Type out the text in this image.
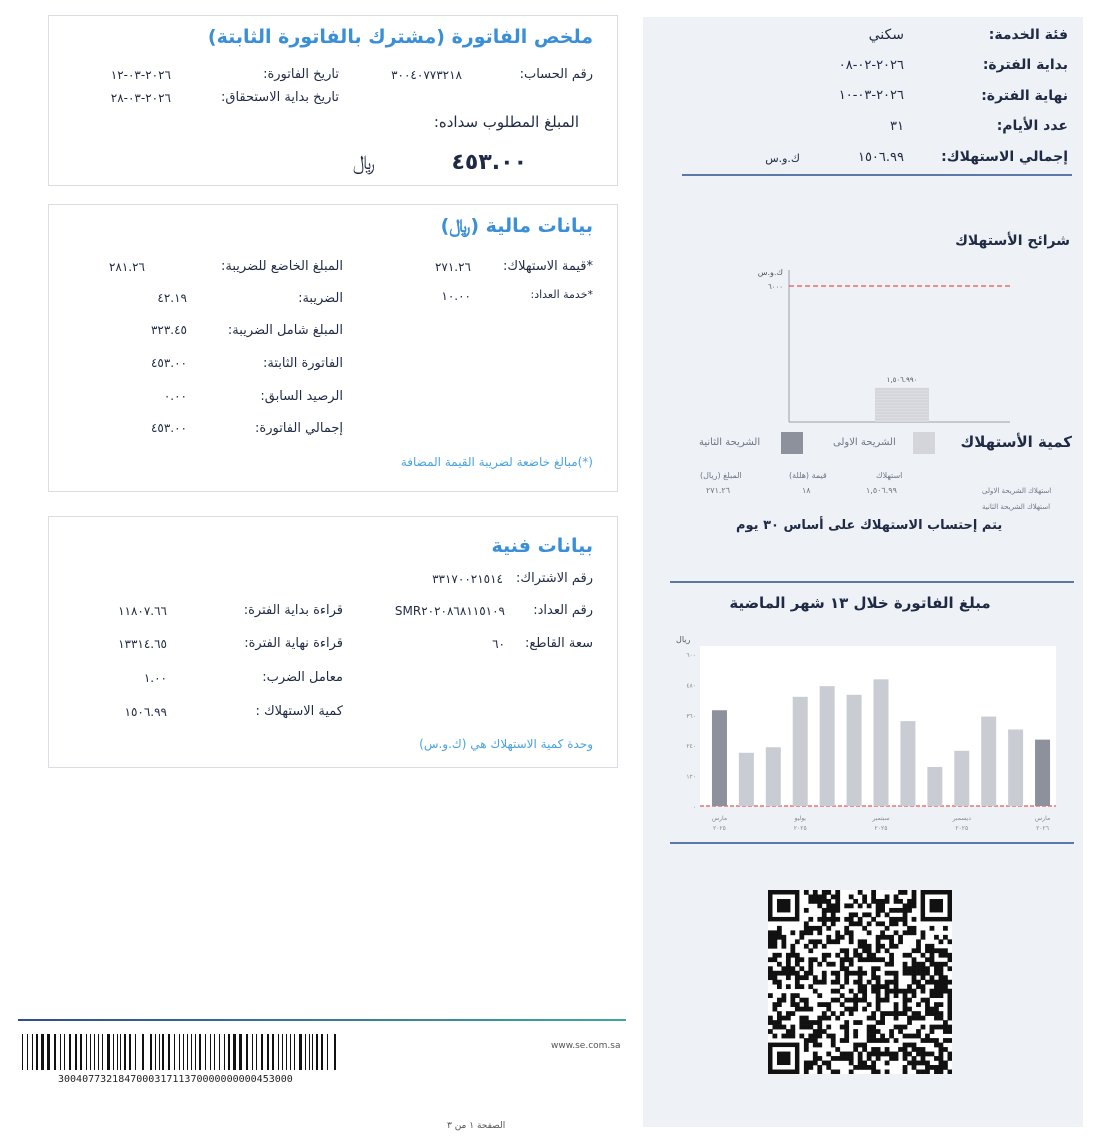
ملخص الفاتورة (مشترك بالفاتورة الثابتة)
رقم الحساب:
٣٠٠٤٠٧٧٣٢١٨
تاريخ الفاتورة:
٢٠٢٦-٠٣-١٢
تاريخ بداية الاستحقاق:
٢٠٢٦-٠٣-٢٨
المبلغ المطلوب سداده:
٤٥٣.٠٠
﷼
بيانات مالية (﷼)
*قيمة الاستهلاك:
٢٧١.٢٦
*خدمة العداد:
١٠.٠٠
المبلغ الخاضع للضريبة:
٢٨١.٢٦
الضريبة:
٤٢.١٩
المبلغ شامل الضريبة:
٣٢٣.٤٥
الفاتورة الثابتة:
٤٥٣.٠٠
الرصيد السابق:
٠.٠٠
إجمالي الفاتورة:
٤٥٣.٠٠
(*)مبالغ خاضعة لضريبة القيمة المضافة
بيانات فنية
رقم الاشتراك:
٣٣١٧٠٠٢١٥١٤
رقم العداد:
SMR٢٠٢٠٨٦٨١١٥١٠٩
سعة القاطع:
٦٠
قراءة بداية الفترة:
١١٨٠٧.٦٦
قراءة نهاية الفترة:
١٣٣١٤.٦٥
معامل الضرب:
١.٠٠
كمية الاستهلاك :
١٥٠٦.٩٩
وحدة كمية الاستهلاك هي (ك.و.س)
www.se.com.sa
300407732184700031711370000000000453000
الصفحة ١ من ٣
فئة الخدمة:
سكني
بداية الفترة:
٢٠٢٦-٠٢-٠٨
نهاية الفترة:
٢٠٢٦-٠٣-١٠
عدد الأيام:
٣١
إجمالي الاستهلاك:
١٥٠٦.٩٩
ك.و.س
شرائح الأستهلاك
ك.و.س
٦٠٠٠
١,٥٠٦.٩٩٠
كمية الأستهلاك
الشريحة الاولى
الشريحة الثانية
استهلاك
قيمة (هللة)
المبلغ (ريال)
١,٥٠٦.٩٩
١٨
٢٧١.٢٦	استهلاك الشريحة الاولى
استهلاك الشريحة الثانية
يتم إحتساب الاستهلاك على أساس ٣٠ يوم
مبلغ الفاتورة خلال ١٣ شهر الماضية
ريال
٦٠٠
٤٨٠
٣٦٠
٢٤٠
١٢٠
٠
مارس
٢٠٢٥
يوليو
٢٠٢٥
سبتمبر
٢٠٢٥
ديسمبر
٢٠٢٥
مارس
٢٠٢٦
